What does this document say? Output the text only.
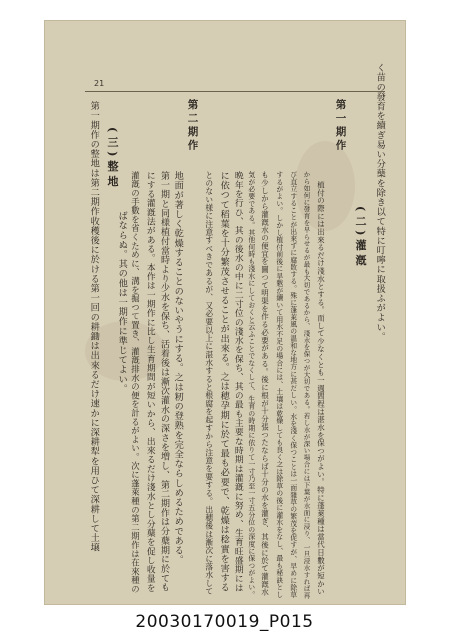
21
(二)灌漑
第一期作
第二期作
(三)整地	く苗の發育を續ぎ易い分蘖を除き以て特に叮嚀に取扱ふがよい。
植付の際には出來るだけ淺水とする。而して少なくとも一週間程は湛水を保つがよい。特に蓬萊種は當代日數が短かい
から如何に發育を早らせるが最も大切であるから、淺水を保つが大切である。若し水が深い場合には下葉が水面に浸り、一旦浸水すれば再
び直立することが出來ずに腐敗する。殊に蓬萊風の温和な地方に甚だしい。水を淺く保つことは一面雜草の繁茂を促すが、早めに除草
するがよい。しかし植付前後に旱魃が續いて用水不足の場合には、土壤は乾燥しても良く之は除草の後に灌水をなし、最も秘訣とし
も少しから灌漑水の便宜を圖つて明渠を作る必要がある。後に根が十分張つたならば十分の水を灌ぎ、其後に於て灌漑水
気が必要である。其他何時も淺水にしておくと云ふことでなくして、生育の時期に依りて一寸乃至一寸五分位の深度に保つがよい。
晩年を行ひ、其の後水の中に二寸位の淺水を保ち、其の最も主要な時期は灌漑に努め、生育旺盛期には
に依つて稻葉を十分繁茂させることが出來る。之は穂孕期に於て最も必要で、乾燥は稔實を害する
とのない様に注意すべきであるが、又必要以上に湛水すると根腐を起すから注意を要する。出穂後は漸次に落水して
地面が著しく乾燥することのないやうにする。之は籾の登熟を完全ならしめるためである。
第一期と同様植付當時より少水を保ち、活着後は漸次灌水の深さを増し、第二期作は分蘖期に於ても
にする灌漑法がある。本作は一期作に比し生育期間が短いから、出來るだけ淺水とし分蘖を促し收量を
灌漑の手數を省くために、溝を掘つて置き、灌漑排水の便を計るがよい。次に蓬萊種の第二期作は在來種の
ばならぬ。其の他は一期作に準じてよい。
第一期作の整地は第二期作收穫後に於ける第一回の耕鋤は出來るだけ速かに深耕犁を用ひて深耕して土壌
20030170019_P015
